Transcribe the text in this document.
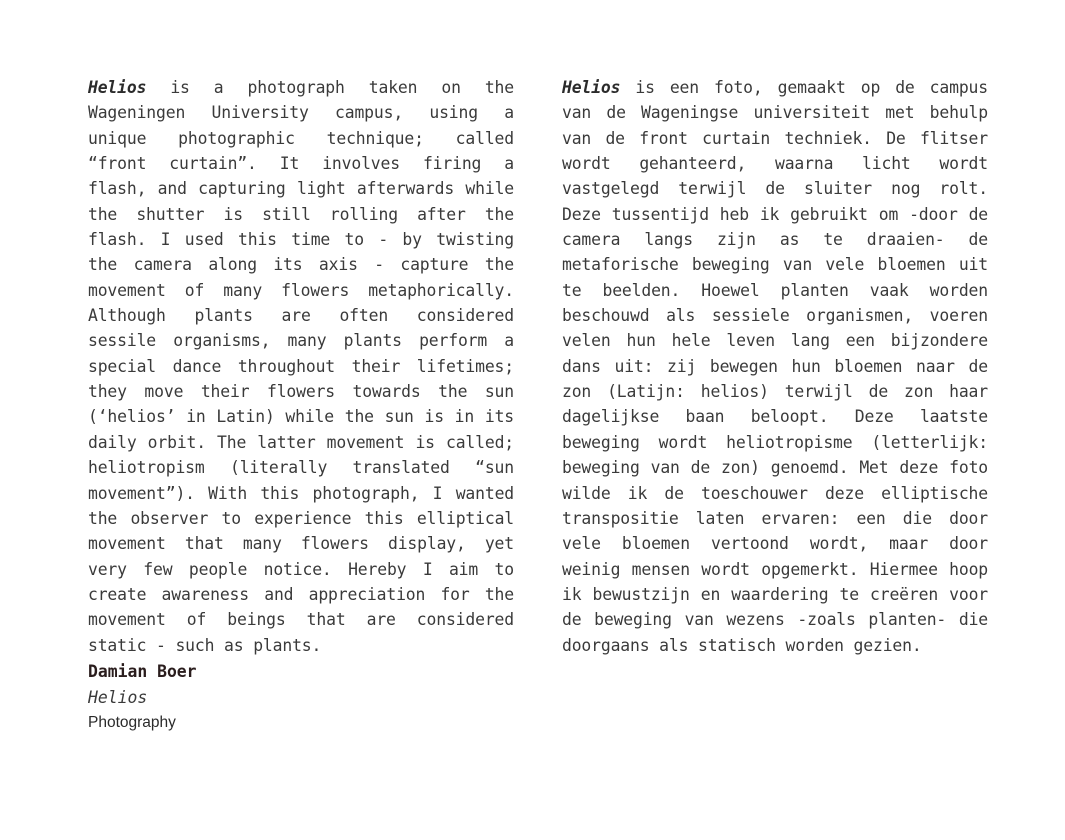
Helios is a photograph taken on the Wageningen University campus, using a unique photographic technique; called “front curtain”. It involves firing a flash, and capturing light afterwards while the shutter is still rolling after the flash. I used this time to - by twisting the camera along its axis - capture the movement of many flowers metaphorically. Although plants are often considered sessile organisms, many plants perform a special dance throughout their lifetimes; they move their flowers towards the sun (‘helios’ in Latin) while the sun is in its daily orbit. The latter movement is called; heliotropism (literally translated “sun movement”). With this photograph, I wanted the observer to experience this elliptical movement that many flowers display, yet very few people notice. Hereby I aim to create awareness and appreciation for the movement of beings that are considered static - such as plants.

Helios is een foto, gemaakt op de campus van de Wageningse universiteit met behulp van de front curtain techniek. De flitser wordt gehanteerd, waarna licht wordt vastgelegd terwijl de sluiter nog rolt. Deze tussentijd heb ik gebruikt om -door de camera langs zijn as te draaien- de metaforische beweging van vele bloemen uit te beelden. Hoewel planten vaak worden beschouwd als sessiele organismen, voeren velen hun hele leven lang een bijzondere dans uit: zij bewegen hun bloemen naar de zon (Latijn: helios) terwijl de zon haar dagelijkse baan beloopt. Deze laatste beweging wordt heliotropisme (letterlijk: beweging van de zon) genoemd. Met deze foto wilde ik de toeschouwer deze elliptische transpositie laten ervaren: een die door vele bloemen vertoond wordt, maar door weinig mensen wordt opgemerkt. Hiermee hoop ik bewustzijn en waardering te creëren voor de beweging van wezens -zoals planten- die doorgaans als statisch worden gezien.

Damian Boer

Helios

Photography
